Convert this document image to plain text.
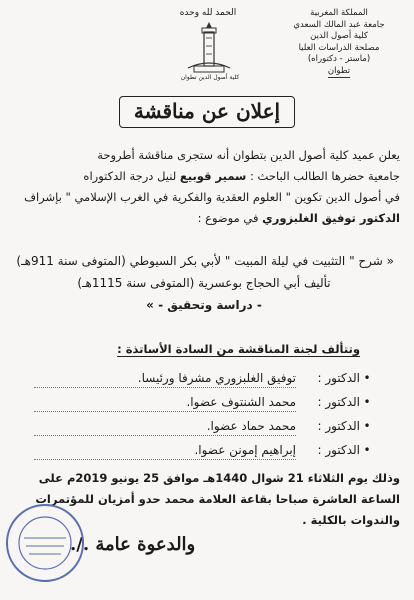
المملكة المغربية
جامعة عبد المالك السعدي
كلية أصول الدين
مصلحة الدراسات العليا
(ماستر - دكتوراه)
تطوان
الحمد لله وحده
كلية أصول الدين تطوان
إعلان عن مناقشة
يعلن عميد كلية أصول الدين بتطوان أنه ستجرى مناقشة أطروحة
جامعية حضرها الطالب الباحث : سمير قوبيع لنيل درجة الدكتوراه
في أصول الدين تكوين " العلوم العقدية والفكرية في الغرب الإسلامي " بإشراف
الدكتور توفيق الغلبزوري في موضوع :
« شرح " التثبيت في ليلة المبيت " لأبي بكر السيوطي (المتوفى سنة 911هـ)
تأليف أبي الحجاج بوعسرية (المتوفى سنة 1115هـ)
- دراسة وتحقيق - »
وتتألف لجنة المناقشة من السادة الأساتذة :
•
الدكتور :
توفيق الغلبزوري مشرفا ورئيسا.
•
الدكتور :
محمد الشنتوف عضوا.
•
الدكتور :
محمد حماد عضوا.
•
الدكتور :
إبراهيم إمونن عضوا.
وذلك يوم الثلاثاء 21 شوال 1440هـ موافق 25 يونيو 2019م على
الساعة العاشرة صباحا بقاعة العلامة محمد حدو أمزيان للمؤتمرات
والندوات بالكلية .
والدعوة عامة ./.
